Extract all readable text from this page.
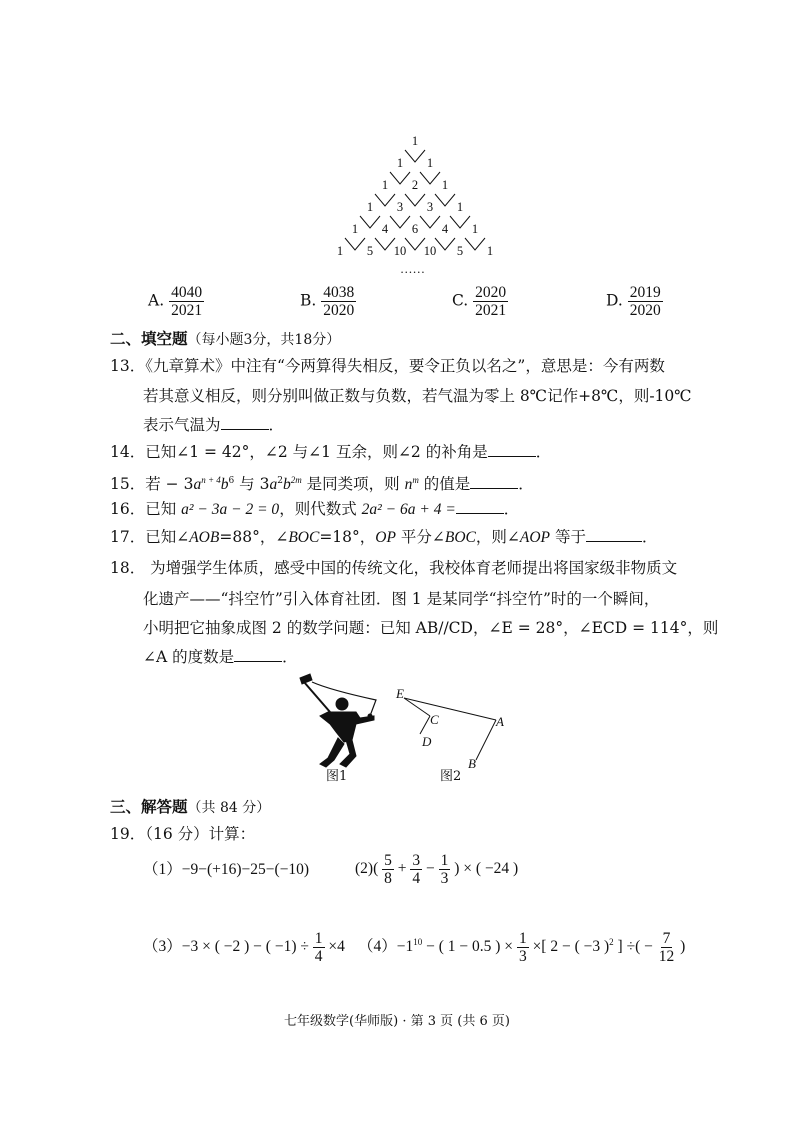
1
1	1
1	2	1
1	3	3	1
1	4	6	4	1
1	5	10 10	5	1
……
A. $\frac{4040}{2021}$	B. $\frac{4038}{2020}$	C. $\frac{2020}{2021}$	D. $\frac{2019}{2020}$
二、填空题（每小题3分，共18分）
13．《九章算术》中注有“今两算得失相反，要令正负以名之”，意思是：今有两数
若其意义相反，则分别叫做正数与负数，若气温为零上 8℃记作+8℃，则-10℃
表示气温为	．
14．已知∠1 = 42°，∠2 与∠1 互余，则∠2 的补角是	．
15．若 − $3a^{n + 4}b^6$ 与 $3a^2b^{2m}$ 是同类项，则 $n^m$ 的值是	．
16．已知 a² − 3a − 2 = 0，则代数式 2a² − 6a + 4 =	．
17．已知∠AOB=88°，∠BOC=18°，OP 平分∠BOC，则∠AOP 等于	．
18． 为增强学生体质，感受中国的传统文化，我校体育老师提出将国家级非物质文
化遗产——“抖空竹”引入体育社团．图 1 是某同学“抖空竹”时的一个瞬间，
小明把它抽象成图 2 的数学问题：已知 AB//CD，∠E = 28°，∠ECD = 114°，则
∠A 的度数是	．
图1
E
C
D
A
B
图2
三、解答题（共 84 分）
19．（16 分）计算：
（1）−9−(+16)−25−(−10)	$(2)( \frac{5}{8} + \frac{3}{4} - \frac{1}{3}$ ) × ( −24 )
（3）−3 × ( −2 ) − ( $-1) \div \frac{1}{4} \times 4$ $(4)-1^{10}$ − ( 1 − 0.5 ) × $\frac{1}{3}$ ×[ 2 − ( −3 )$^2$ ] ÷( − $\frac{7}{12}$ )
七年级数学(华师版) · 第 3 页 (共 6 页)
